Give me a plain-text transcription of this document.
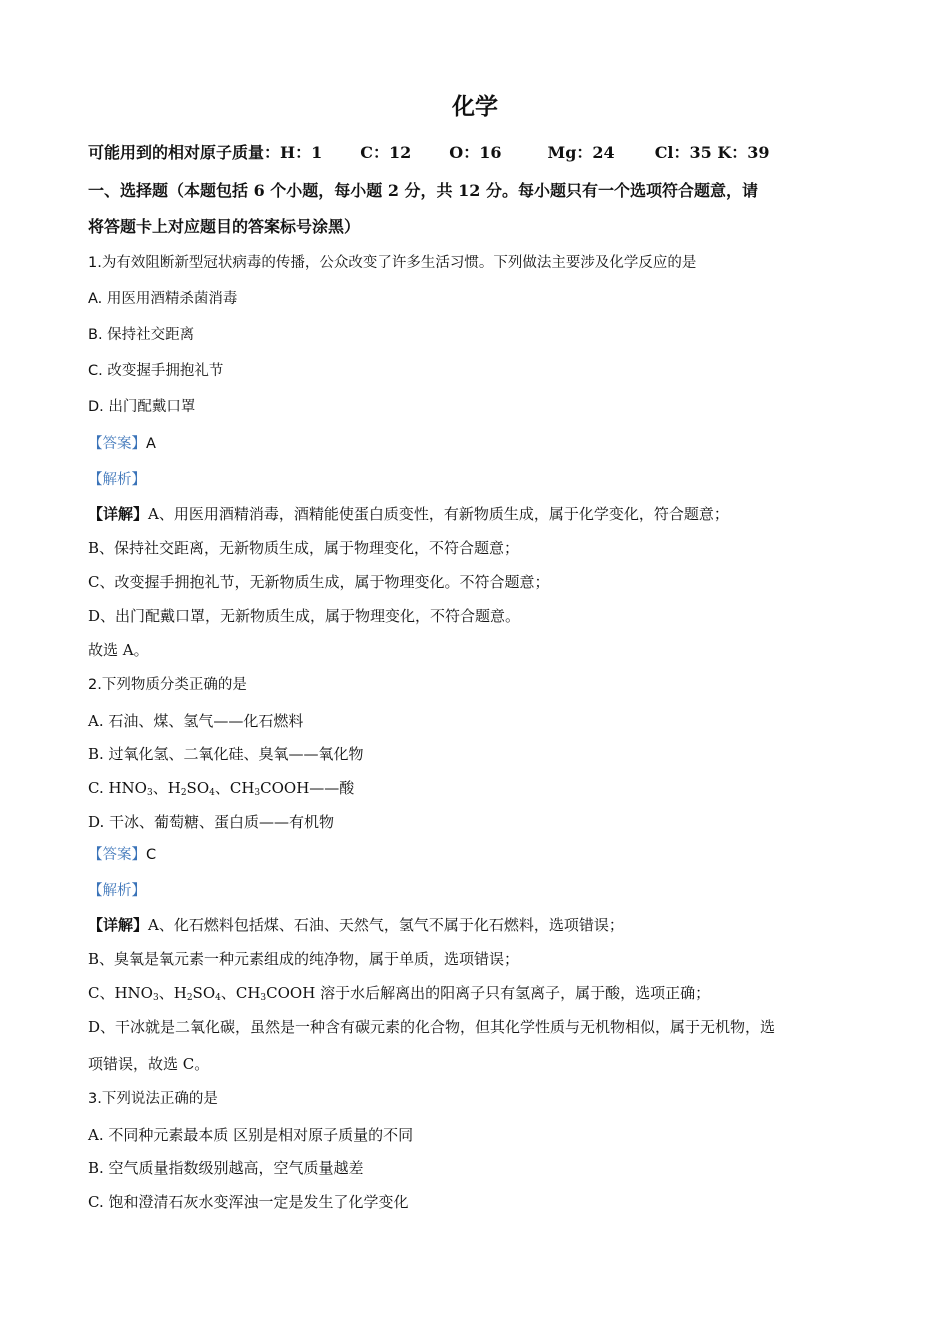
化学
可能用到的相对原子质量：H：1 C：12 O：16	Mg：24	Cl：35 K：39
一、选择题（本题包括 6 个小题，每小题 2 分，共 12 分。每小题只有一个选项符合题意，请
将答题卡上对应题目的答案标号涂黑）
1.为有效阻断新型冠状病毒的传播，公众改变了许多生活习惯。下列做法主要涉及化学反应的是
A. 用医用酒精杀菌消毒
B. 保持社交距离
C. 改变握手拥抱礼节
D. 出门配戴口罩
【答案】A
【解析】
【详解】A、用医用酒精消毒，酒精能使蛋白质变性，有新物质生成，属于化学变化，符合题意；
B、保持社交距离，无新物质生成，属于物理变化，不符合题意；
C、改变握手拥抱礼节，无新物质生成，属于物理变化。不符合题意；
D、出门配戴口罩，无新物质生成，属于物理变化，不符合题意。
故选 A。
2.下列物质分类正确的是
A. 石油、煤、氢气——化石燃料
B. 过氧化氢、二氧化硅、臭氧——氧化物
C. $HNO_3$、$H_2SO_4$、$CH_3COOH——$酸
D. 干冰、葡萄糖、蛋白质——有机物
【答案】C
【解析】
【详解】A、化石燃料包括煤、石油、天然气，氢气不属于化石燃料，选项错误；
B、臭氧是氧元素一种元素组成的纯净物，属于单质，选项错误；
C、$HNO_3$、$H_2SO_4$、$CH_3COOH$ 溶于水后解离出的阳离子只有氢离子，属于酸，选项正确；
D、干冰就是二氧化碳，虽然是一种含有碳元素的化合物，但其化学性质与无机物相似，属于无机物，选
项错误，故选 C。
3.下列说法正确的是
A. 不同种元素最本质 区别是相对原子质量的不同
B. 空气质量指数级别越高，空气质量越差
C. 饱和澄清石灰水变浑浊一定是发生了化学变化
